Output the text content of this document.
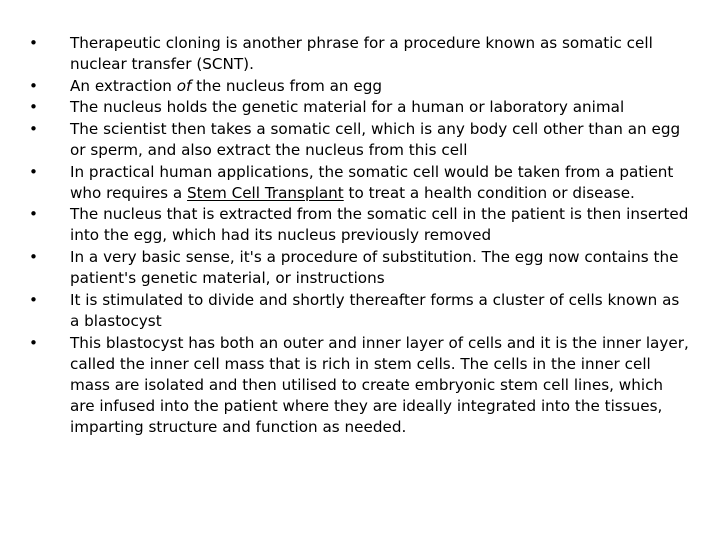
•	Therapeutic cloning is another phrase for a procedure known as somatic cell nuclear transfer (SCNT).
•	An extraction of the nucleus from an egg
•	The nucleus holds the genetic material for a human or laboratory animal
•	The scientist then takes a somatic cell, which is any body cell other than an egg or sperm, and also extract the nucleus from this cell
•	In practical human applications, the somatic cell would be taken from a patient who requires a Stem Cell Transplant to treat a health condition or disease.
•	The nucleus that is extracted from the somatic cell in the patient is then inserted into the egg, which had its nucleus previously removed
•	In a very basic sense, it's a procedure of substitution. The egg now contains the patient's genetic material, or instructions
•	It is stimulated to divide and shortly thereafter forms a cluster of cells known as a blastocyst
•	This blastocyst has both an outer and inner layer of cells and it is the inner layer, called the inner cell mass that is rich in stem cells. The cells in the inner cell mass are isolated and then utilised to create embryonic stem cell lines, which are infused into the patient where they are ideally integrated into the tissues, imparting structure and function as needed.
